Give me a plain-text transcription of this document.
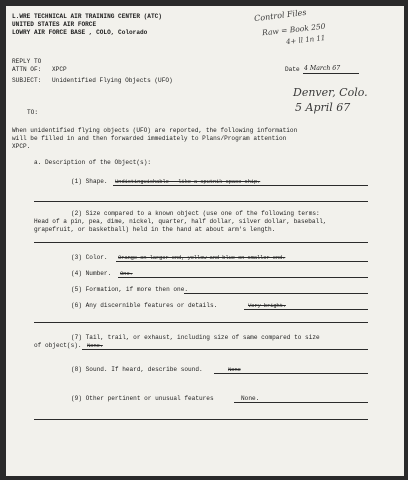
L.WRE TECHNICAL AIR TRAINING CENTER (ATC)
UNITED STATES AIR FORCE
LOWRY AIR FORCE BASE , COLO, Colorado
Control Files
Raw = Book 250
4+ ll 1n 11
REPLY TO
ATTN OF: XPCP	Date 4 March 67
SUBJECT: Unidentified Flying Objects (UFO)
Denver, Colo.
5 April 67
TO:
When unidentified flying objects (UFO) are reported, the following information
will be filled in and then forwarded immediately to Plans/Program attention
XPCP.
a. Description of the Object(s):
(1) Shape. Undistinguishable - like a sputnik space ship.
(2) Size compared to a known object (use one of the following terms:
Head of a pin, pea, dime, nickel, quarter, half dollar, silver dollar, baseball,
grapefruit, or basketball) held in the hand at about arm's length.
(3) Color. Orange on larger end, yellow and blue on smaller end.
(4) Number. One.
(5) Formation, if more then one.
(6) Any discernible features or details.	Very bright.
(7) Tail, trail, or exhaust, including size of same compared to size
of object(s). None.
(8) Sound. If heard, describe sound.	None
(9) Other pertinent or unusual features	None.
